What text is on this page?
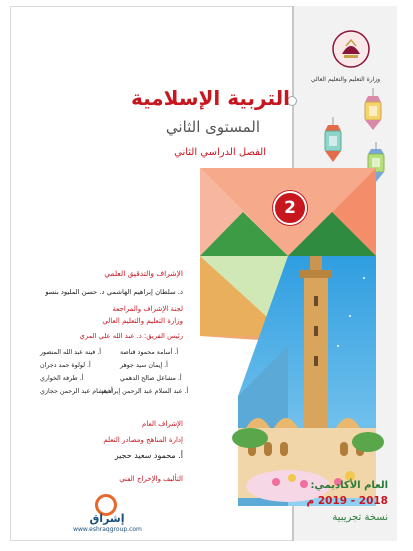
وزارة التعليم والتعليم العالي
التربية الإسلامية
المستوى الثاني
الفصل الدراسي الثاني
2
الإشراف والتدقيق العلمي
د. سلطان إبراهيم الهاشمي د. حسن المليود بنسو
لجنة الإشراف والمراجعة
وزارة التعليم والتعليم العالي
رئيس الفريق: د. عبد الله علي المري
أ. أسامة محمود قناصة
أ. فينة عبد الله المنصور
أ. إيمان سيد جوهر
أ. لولوة حمد دجران
أ. مشاعل صالح الدهمي
أ. طرفة الخواري
أ. عبد السلام عبد الرحمن إبراهيم
أ. هشام عبد الرحمن حجازي
الإشراف العام
إدارة المناهج ومصادر التعلم
أ. محمود سعيد حجير
التأليف والإخراج الفني
إشراق
www.eshraqgroup.com
العام الأكاديمي:
2018 - 2019 م
نسخة تجريبية
